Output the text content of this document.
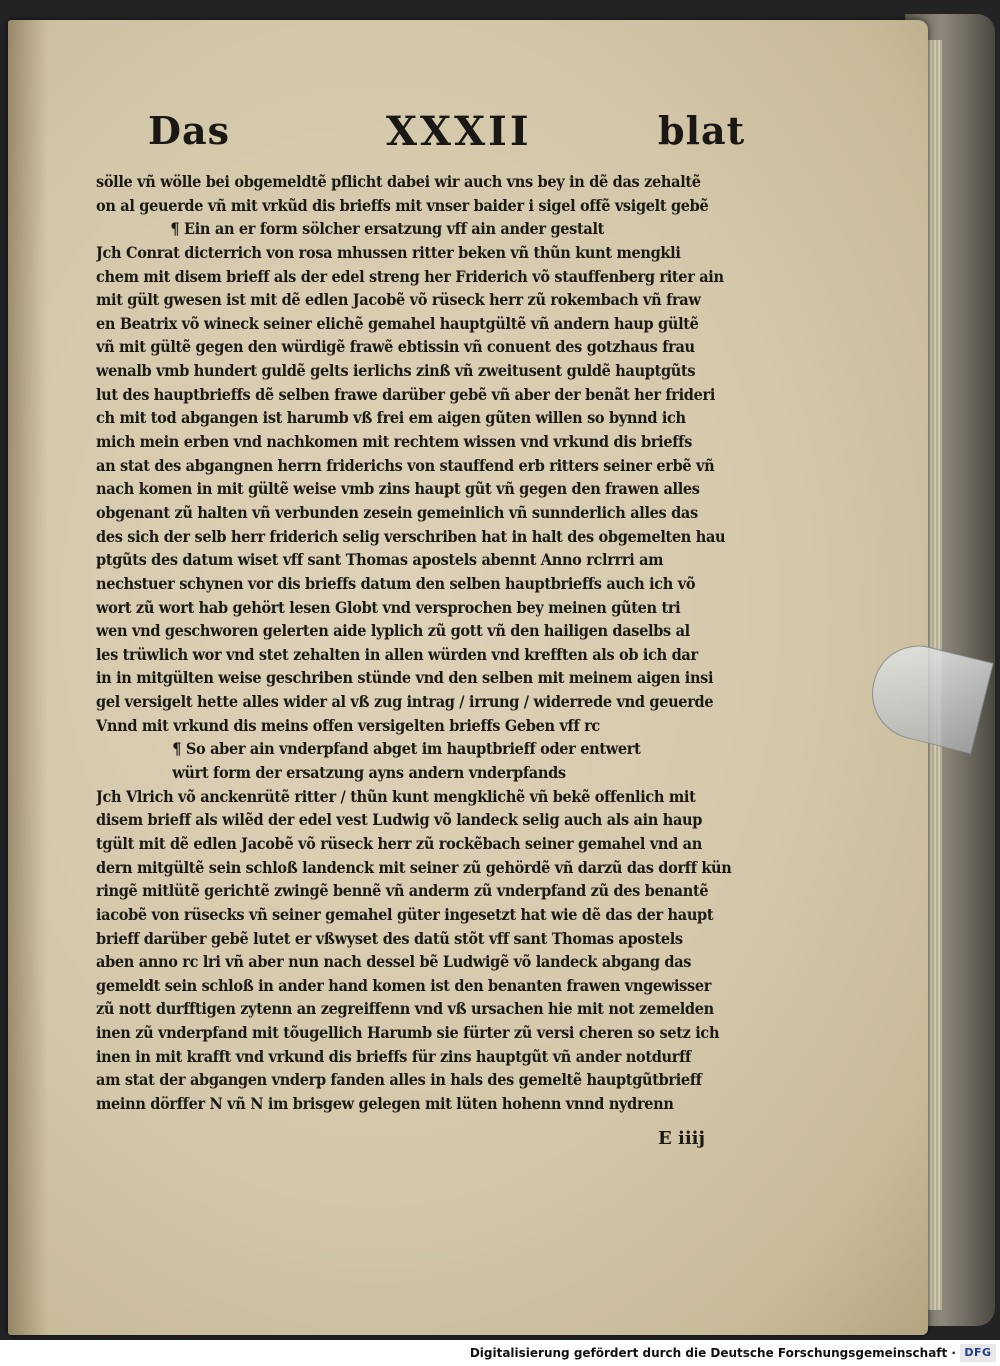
Das	XXXII	blat
sölle vñ wölle bei obgemeldtẽ pflicht dabei wir auch vns bey in dẽ das zehaltẽ
on al geuerde vñ mit vrkũd dis brieffs mit vnser baider i sigel offẽ vsigelt gebẽ
¶ Ein an er form sölcher ersatzung vff ain ander gestalt
Jch Conrat dicterrich von rosa mhussen ritter beken vñ thũn kunt mengkli
chem mit disem brieff als der edel streng her Friderich võ stauffenberg riter ain
mit gült gwesen ist mit dẽ edlen Jacobẽ võ rüseck herr zũ rokembach vñ fraw
en Beatrix võ wineck seiner elichẽ gemahel hauptgültẽ vñ andern haup gültẽ
vñ mit gültẽ gegen den würdigẽ frawẽ ebtissin vñ conuent des gotzhaus frau
wenalb vmb hundert guldẽ gelts ierlichs zinß vñ zweitusent guldẽ hauptgũts
lut des hauptbrieffs dẽ selben frawe darüber gebẽ vñ aber der benãt her frideri
ch mit tod abgangen ist harumb vß frei em aigen gũten willen so bynnd ich
mich mein erben vnd nachkomen mit rechtem wissen vnd vrkund dis brieffs
an stat des abgangnen herrn friderichs von stauffend erb ritters seiner erbẽ vñ
nach komen in mit gültẽ weise vmb zins haupt gũt vñ gegen den frawen alles
obgenant zũ halten vñ verbunden zesein gemeinlich vñ sunnderlich alles das
des sich der selb herr friderich selig verschriben hat in halt des obgemelten hau
ptgũts des datum wiset vff sant Thomas apostels abennt Anno rclrrri am
nechstuer schynen vor dis brieffs datum den selben hauptbrieffs auch ich võ
wort zũ wort hab gehört lesen Globt vnd versprochen bey meinen gũten tri
wen vnd geschworen gelerten aide lyplich zũ gott vñ den hailigen daselbs al
les trüwlich wor vnd stet zehalten in allen würden vnd krefften als ob ich dar
in in mitgülten weise geschriben stünde vnd den selben mit meinem aigen insi
gel versigelt hette alles wider al vß zug intrag / irrung / widerrede vnd geuerde
Vnnd mit vrkund dis meins offen versigelten brieffs Geben vff rc
¶ So aber ain vnderpfand abget im hauptbrieff oder entwert
würt form der ersatzung ayns andern vnderpfands
Jch Vlrich võ anckenrütẽ ritter / thũn kunt mengklichẽ vñ bekẽ offenlich mit
disem brieff als wilẽd der edel vest Ludwig võ landeck selig auch als ain haup
tgült mit dẽ edlen Jacobẽ võ rüseck herr zũ rockẽbach seiner gemahel vnd an
dern mitgültẽ sein schloß landenck mit seiner zũ gehördẽ vñ darzũ das dorff kün
ringẽ mitlütẽ gerichtẽ zwingẽ bennẽ vñ anderm zũ vnderpfand zũ des benantẽ
iacobẽ von rüsecks vñ seiner gemahel güter ingesetzt hat wie dẽ das der haupt
brieff darüber gebẽ lutet er vßwyset des datũ stõt vff sant Thomas apostels
aben anno rc lri vñ aber nun nach dessel bẽ Ludwigẽ võ landeck abgang das
gemeldt sein schloß in ander hand komen ist den benanten frawen vngewisser
zũ nott durfftigen zytenn an zegreiffenn vnd vß ursachen hie mit not zemelden
inen zũ vnderpfand mit tõugellich Harumb sie fürter zũ versi cheren so setz ich
inen in mit krafft vnd vrkund dis brieffs für zins hauptgũt vñ ander notdurff
am stat der abgangen vnderp fanden alles in hals des gemeltẽ hauptgũtbrieff
meinn dörffer N vñ N im brisgew gelegen mit lüten hohenn vnnd nydrenn
E iiij
Digitalisierung gefördert durch die Deutsche Forschungsgemeinschaft · DFG
